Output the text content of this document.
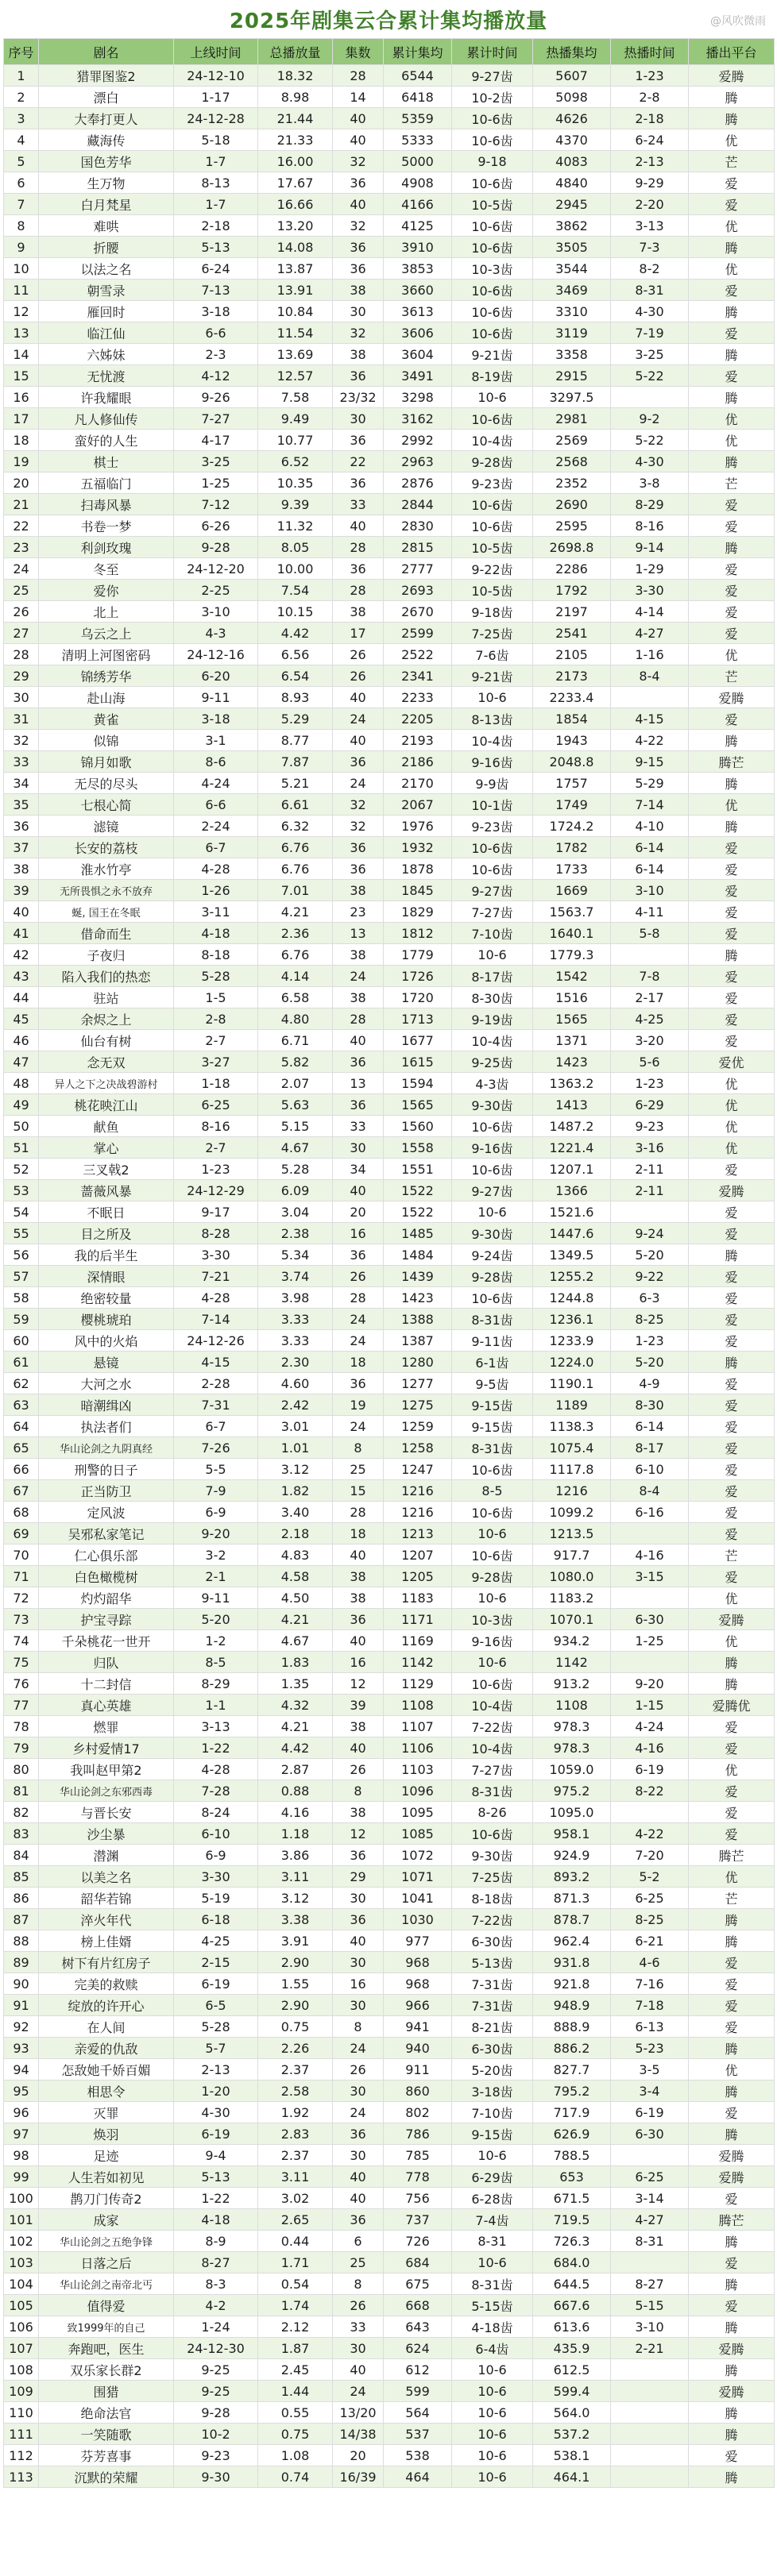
2025年剧集云合累计集均播放量	@风吹微雨
序号	剧名	上线时间	总播放量	集数	累计集均	累计时间	热播集均	热播时间	播出平台
1	猎罪图鉴2	24-12-10	18.32	28	6544	9-27齿	5607	1-23	爱腾
2	漂白	1-17	8.98	14	6418	10-2齿	5098	2-8	腾
3	大奉打更人	24-12-28	21.44	40	5359	10-6齿	4626	2-18	腾
4	藏海传	5-18	21.33	40	5333	10-6齿	4370	6-24	优
5	国色芳华	1-7	16.00	32	5000	9-18	4083	2-13	芒
6	生万物	8-13	17.67	36	4908	10-6齿	4840	9-29	爱
7	白月梵星	1-7	16.66	40	4166	10-5齿	2945	2-20	爱
8	难哄	2-18	13.20	32	4125	10-6齿	3862	3-13	优
9	折腰	5-13	14.08	36	3910	10-6齿	3505	7-3	腾
10	以法之名	6-24	13.87	36	3853	10-3齿	3544	8-2	优
11	朝雪录	7-13	13.91	38	3660	10-6齿	3469	8-31	爱
12	雁回时	3-18	10.84	30	3613	10-6齿	3310	4-30	腾
13	临江仙	6-6	11.54	32	3606	10-6齿	3119	7-19	爱
14	六姊妹	2-3	13.69	38	3604	9-21齿	3358	3-25	腾
15	无忧渡	4-12	12.57	36	3491	8-19齿	2915	5-22	爱
16	许我耀眼	9-26	7.58	23/32	3298	10-6	3297.5		腾
17	凡人修仙传	7-27	9.49	30	3162	10-6齿	2981	9-2	优
18	蛮好的人生	4-17	10.77	36	2992	10-4齿	2569	5-22	优
19	棋士	3-25	6.52	22	2963	9-28齿	2568	4-30	腾
20	五福临门	1-25	10.35	36	2876	9-23齿	2352	3-8	芒
21	扫毒风暴	7-12	9.39	33	2844	10-6齿	2690	8-29	爱
22	书卷一梦	6-26	11.32	40	2830	10-6齿	2595	8-16	爱
23	利剑玫瑰	9-28	8.05	28	2815	10-5齿	2698.8	9-14	腾
24	冬至	24-12-20	10.00	36	2777	9-22齿	2286	1-29	爱
25	爱你	2-25	7.54	28	2693	10-5齿	1792	3-30	爱
26	北上	3-10	10.15	38	2670	9-18齿	2197	4-14	爱
27	乌云之上	4-3	4.42	17	2599	7-25齿	2541	4-27	爱
28	清明上河图密码	24-12-16	6.56	26	2522	7-6齿	2105	1-16	优
29	锦绣芳华	6-20	6.54	26	2341	9-21齿	2173	8-4	芒
30	赴山海	9-11	8.93	40	2233	10-6	2233.4		爱腾
31	黄雀	3-18	5.29	24	2205	8-13齿	1854	4-15	爱
32	似锦	3-1	8.77	40	2193	10-4齿	1943	4-22	腾
33	锦月如歌	8-6	7.87	36	2186	9-16齿	2048.8	9-15	腾芒
34	无尽的尽头	4-24	5.21	24	2170	9-9齿	1757	5-29	腾
35	七根心简	6-6	6.61	32	2067	10-1齿	1749	7-14	优
36	滤镜	2-24	6.32	32	1976	9-23齿	1724.2	4-10	腾
37	长安的荔枝	6-7	6.76	36	1932	10-6齿	1782	6-14	爱
38	淮水竹亭	4-28	6.76	36	1878	10-6齿	1733	6-14	爱
39	无所畏惧之永不放弃	1-26	7.01	38	1845	9-27齿	1669	3-10	爱
40	蜒, 国王在冬眠	3-11	4.21	23	1829	7-27齿	1563.7	4-11	爱
41	借命而生	4-18	2.36	13	1812	7-10齿	1640.1	5-8	爱
42	子夜归	8-18	6.76	38	1779	10-6	1779.3		腾
43	陷入我们的热恋	5-28	4.14	24	1726	8-17齿	1542	7-8	爱
44	驻站	1-5	6.58	38	1720	8-30齿	1516	2-17	爱
45	余烬之上	2-8	4.80	28	1713	9-19齿	1565	4-25	爱
46	仙台有树	2-7	6.71	40	1677	10-4齿	1371	3-20	爱
47	念无双	3-27	5.82	36	1615	9-25齿	1423	5-6	爱优
48	异人之下之决战碧游村	1-18	2.07	13	1594	4-3齿	1363.2	1-23	优
49	桃花映江山	6-25	5.63	36	1565	9-30齿	1413	6-29	优
50	献鱼	8-16	5.15	33	1560	10-6齿	1487.2	9-23	优
51	掌心	2-7	4.67	30	1558	9-16齿	1221.4	3-16	优
52	三叉戟2	1-23	5.28	34	1551	10-6齿	1207.1	2-11	爱
53	蔷薇风暴	24-12-29	6.09	40	1522	9-27齿	1366	2-11	爱腾
54	不眠日	9-17	3.04	20	1522	10-6	1521.6		爱
55	目之所及	8-28	2.38	16	1485	9-30齿	1447.6	9-24	爱
56	我的后半生	3-30	5.34	36	1484	9-24齿	1349.5	5-20	腾
57	深情眼	7-21	3.74	26	1439	9-28齿	1255.2	9-22	爱
58	绝密较量	4-28	3.98	28	1423	10-6齿	1244.8	6-3	爱
59	樱桃琥珀	7-14	3.33	24	1388	8-31齿	1236.1	8-25	爱
60	风中的火焰	24-12-26	3.33	24	1387	9-11齿	1233.9	1-23	爱
61	悬镜	4-15	2.30	18	1280	6-1齿	1224.0	5-20	腾
62	大河之水	2-28	4.60	36	1277	9-5齿	1190.1	4-9	爱
63	暗潮缉凶	7-31	2.42	19	1275	9-15齿	1189	8-30	爱
64	执法者们	6-7	3.01	24	1259	9-15齿	1138.3	6-14	爱
65	华山论剑之九阴真经	7-26	1.01	8	1258	8-31齿	1075.4	8-17	爱
66	刑警的日子	5-5	3.12	25	1247	10-6齿	1117.8	6-10	爱
67	正当防卫	7-9	1.82	15	1216	8-5	1216	8-4	爱
68	定风波	6-9	3.40	28	1216	10-6齿	1099.2	6-16	爱
69	吴邪私家笔记	9-20	2.18	18	1213	10-6	1213.5		爱
70	仁心俱乐部	3-2	4.83	40	1207	10-6齿	917.7	4-16	芒
71	白色橄榄树	2-1	4.58	38	1205	9-28齿	1080.0	3-15	爱
72	灼灼韶华	9-11	4.50	38	1183	10-6	1183.2		优
73	护宝寻踪	5-20	4.21	36	1171	10-3齿	1070.1	6-30	爱腾
74	千朵桃花一世开	1-2	4.67	40	1169	9-16齿	934.2	1-25	优
75	归队	8-5	1.83	16	1142	10-6	1142		腾
76	十二封信	8-29	1.35	12	1129	10-6齿	913.2	9-20	腾
77	真心英雄	1-1	4.32	39	1108	10-4齿	1108	1-15	爱腾优
78	燃罪	3-13	4.21	38	1107	7-22齿	978.3	4-24	爱
79	乡村爱情17	1-22	4.42	40	1106	10-4齿	978.3	4-16	爱
80	我叫赵甲第2	4-28	2.87	26	1103	7-27齿	1059.0	6-19	优
81	华山论剑之东邪西毒	7-28	0.88	8	1096	8-31齿	975.2	8-22	爱
82	与晋长安	8-24	4.16	38	1095	8-26	1095.0		爱
83	沙尘暴	6-10	1.18	12	1085	10-6齿	958.1	4-22	爱
84	潜渊	6-9	3.86	36	1072	9-30齿	924.9	7-20	腾芒
85	以美之名	3-30	3.11	29	1071	7-25齿	893.2	5-2	优
86	韶华若锦	5-19	3.12	30	1041	8-18齿	871.3	6-25	芒
87	淬火年代	6-18	3.38	36	1030	7-22齿	878.7	8-25	腾
88	榜上佳婿	4-25	3.91	40	977	6-30齿	962.4	6-21	腾
89	树下有片红房子	2-15	2.90	30	968	5-13齿	931.8	4-6	爱
90	完美的救赎	6-19	1.55	16	968	7-31齿	921.8	7-16	爱
91	绽放的许开心	6-5	2.90	30	966	7-31齿	948.9	7-18	爱
92	在人间	5-28	0.75	8	941	8-21齿	888.9	6-13	爱
93	亲爱的仇敌	5-7	2.26	24	940	6-30齿	886.2	5-23	腾
94	怎敌她千娇百媚	2-13	2.37	26	911	5-20齿	827.7	3-5	优
95	相思令	1-20	2.58	30	860	3-18齿	795.2	3-4	腾
96	灭罪	4-30	1.92	24	802	7-10齿	717.9	6-19	爱
97	焕羽	6-19	2.83	36	786	9-15齿	626.9	6-30	腾
98	足迹	9-4	2.37	30	785	10-6	788.5		爱腾
99	人生若如初见	5-13	3.11	40	778	6-29齿	653	6-25	爱腾
100	鹊刀门传奇2	1-22	3.02	40	756	6-28齿	671.5	3-14	爱
101	成家	4-18	2.65	36	737	7-4齿	719.5	4-27	腾芒
102	华山论剑之五绝争锋	8-9	0.44	6	726	8-31	726.3	8-31	腾
103	日落之后	8-27	1.71	25	684	10-6	684.0		爱
104	华山论剑之南帝北丐	8-3	0.54	8	675	8-31齿	644.5	8-27	腾
105	值得爱	4-2	1.74	26	668	5-15齿	667.6	5-15	爱
106	致1999年的自己	1-24	2.12	33	643	4-18齿	613.6	3-10	腾
107	奔跑吧，医生	24-12-30	1.87	30	624	6-4齿	435.9	2-21	爱腾
108	双乐家长群2	9-25	2.45	40	612	10-6	612.5		腾
109	围猎	9-25	1.44	24	599	10-6	599.4		爱腾
110	绝命法官	9-28	0.55	13/20	564	10-6	564.0		腾
111	一笑随歌	10-2	0.75	14/38	537	10-6	537.2		腾
112	芬芳喜事	9-23	1.08	20	538	10-6	538.1		爱
113	沉默的荣耀	9-30	0.74	16/39	464	10-6	464.1		腾
